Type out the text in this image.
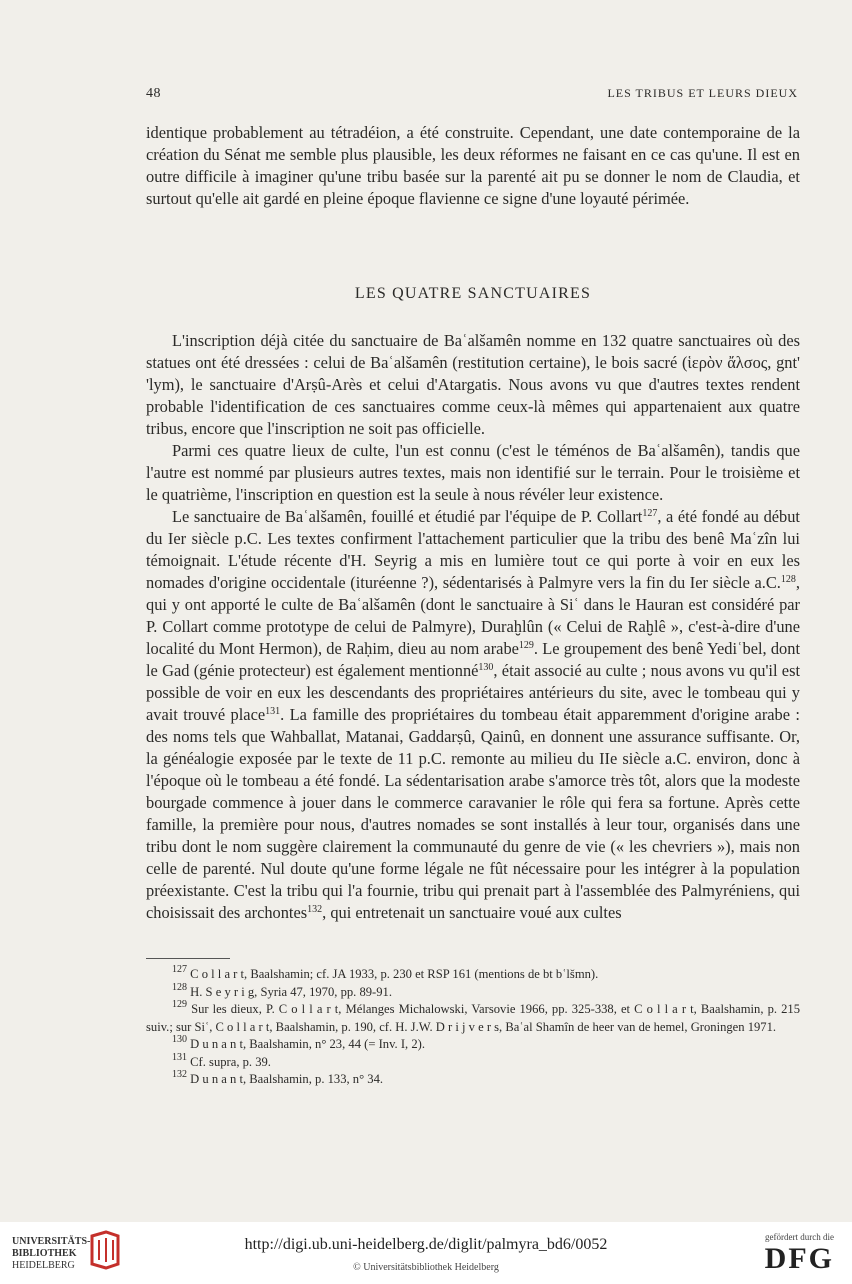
48	LES TRIBUS ET LEURS DIEUX

identique probablement au tétradéion, a été construite. Cependant, une date contemporaine de la création du Sénat me semble plus plausible, les deux réformes ne faisant en ce cas qu'une. Il est en outre difficile à imaginer qu'une tribu basée sur la parenté ait pu se donner le nom de Claudia, et surtout qu'elle ait gardé en pleine époque flavienne ce signe d'une loyauté périmée.

LES QUATRE SANCTUAIRES

L'inscription déjà citée du sanctuaire de Baʿalšamên nomme en 132 quatre sanctuaires où des statues ont été dressées : celui de Baʿalšamên (restitution certaine), le bois sacré (ἱερὸν ἄλσος, gnt' 'lym), le sanctuaire d'Arṣû-Arès et celui d'Atargatis. Nous avons vu que d'autres textes rendent probable l'identification de ces sanctuaires comme ceux-là mêmes qui appartenaient aux quatre tribus, encore que l'inscription ne soit pas officielle.

Parmi ces quatre lieux de culte, l'un est connu (c'est le téménos de Baʿalšamên), tandis que l'autre est nommé par plusieurs autres textes, mais non identifié sur le terrain. Pour le troisième et le quatrième, l'inscription en question est la seule à nous révéler leur existence.

Le sanctuaire de Baʿalšamên, fouillé et étudié par l'équipe de P. Collart$^{127}$, a été fondé au début du Ier siècle p.C. Les textes confirment l'attachement particulier que la tribu des benê Maʿzîn lui témoignait. L'étude récente d'H. Seyrig a mis en lumière tout ce qui porte à voir en eux les nomades d'origine occidentale (ituréenne ?), sédentarisés à Palmyre vers la fin du Ier siècle a.C.$^{128}$, qui y ont apporté le culte de Baʿalšamên (dont le sanctuaire à Siʿ dans le Hauran est considéré par P. Collart comme prototype de celui de Palmyre), Duraḫlûn (« Celui de Raḫlê », c'est-à-dire d'une localité du Mont Hermon), de Raḥim, dieu au nom arabe$^{129}$. Le groupement des benê Yediʿbel, dont le Gad (génie protecteur) est également mentionné$^{130}$, était associé au culte ; nous avons vu qu'il est possible de voir en eux les descendants des propriétaires antérieurs du site, avec le tombeau qui y avait trouvé place$^{131}$. La famille des propriétaires du tombeau était apparemment d'origine arabe : des noms tels que Wahballat, Matanai, Gaddarṣû, Qainû, en donnent une assurance suffisante. Or, la généalogie exposée par le texte de 11 p.C. remonte au milieu du IIe siècle a.C. environ, donc à l'époque où le tombeau a été fondé. La sédentarisation arabe s'amorce très tôt, alors que la modeste bourgade commence à jouer dans le commerce caravanier le rôle qui fera sa fortune. Après cette famille, la première pour nous, d'autres nomades se sont installés à leur tour, organisés dans une tribu dont le nom suggère clairement la communauté du genre de vie (« les chevriers »), mais non celle de parenté. Nul doute qu'une forme légale ne fût nécessaire pour les intégrer à la population préexistante. C'est la tribu qui l'a fournie, tribu qui prenait part à l'assemblée des Palmyréniens, qui choisissait des archontes$^{132}$, qui entretenait un sanctuaire voué aux cultes

$^{127}$ C o l l a r t, Baalshamin; cf. JA 1933, p. 230 et RSP 161 (mentions de bt bʿlšmn).

$^{128}$ H. S e y r i g, Syria 47, 1970, pp. 89-91.

$^{129}$ Sur les dieux, P. C o l l a r t, Mélanges Michalowski, Varsovie 1966, pp. 325-338, et C o l l a r t, Baalshamin, p. 215 suiv.; sur Siʿ, C o l l a r t, Baalshamin, p. 190, cf. H. J.W. D r i j v e r s, Baʿal Shamîn de heer van de hemel, Groningen 1971.

$^{130}$ D u n a n t, Baalshamin, n° 23, 44 (= Inv. I, 2).

$^{131}$ Cf. supra, p. 39.

$^{132}$ D u n a n t, Baalshamin, p. 133, n° 34.

UNIVERSITÄTS-
BIBLIOTHEK
HEIDELBERG
http://digi.ub.uni-heidelberg.de/diglit/palmyra_bd6/0052
© Universitätsbibliothek Heidelberg
gefördert durch die
DFG
